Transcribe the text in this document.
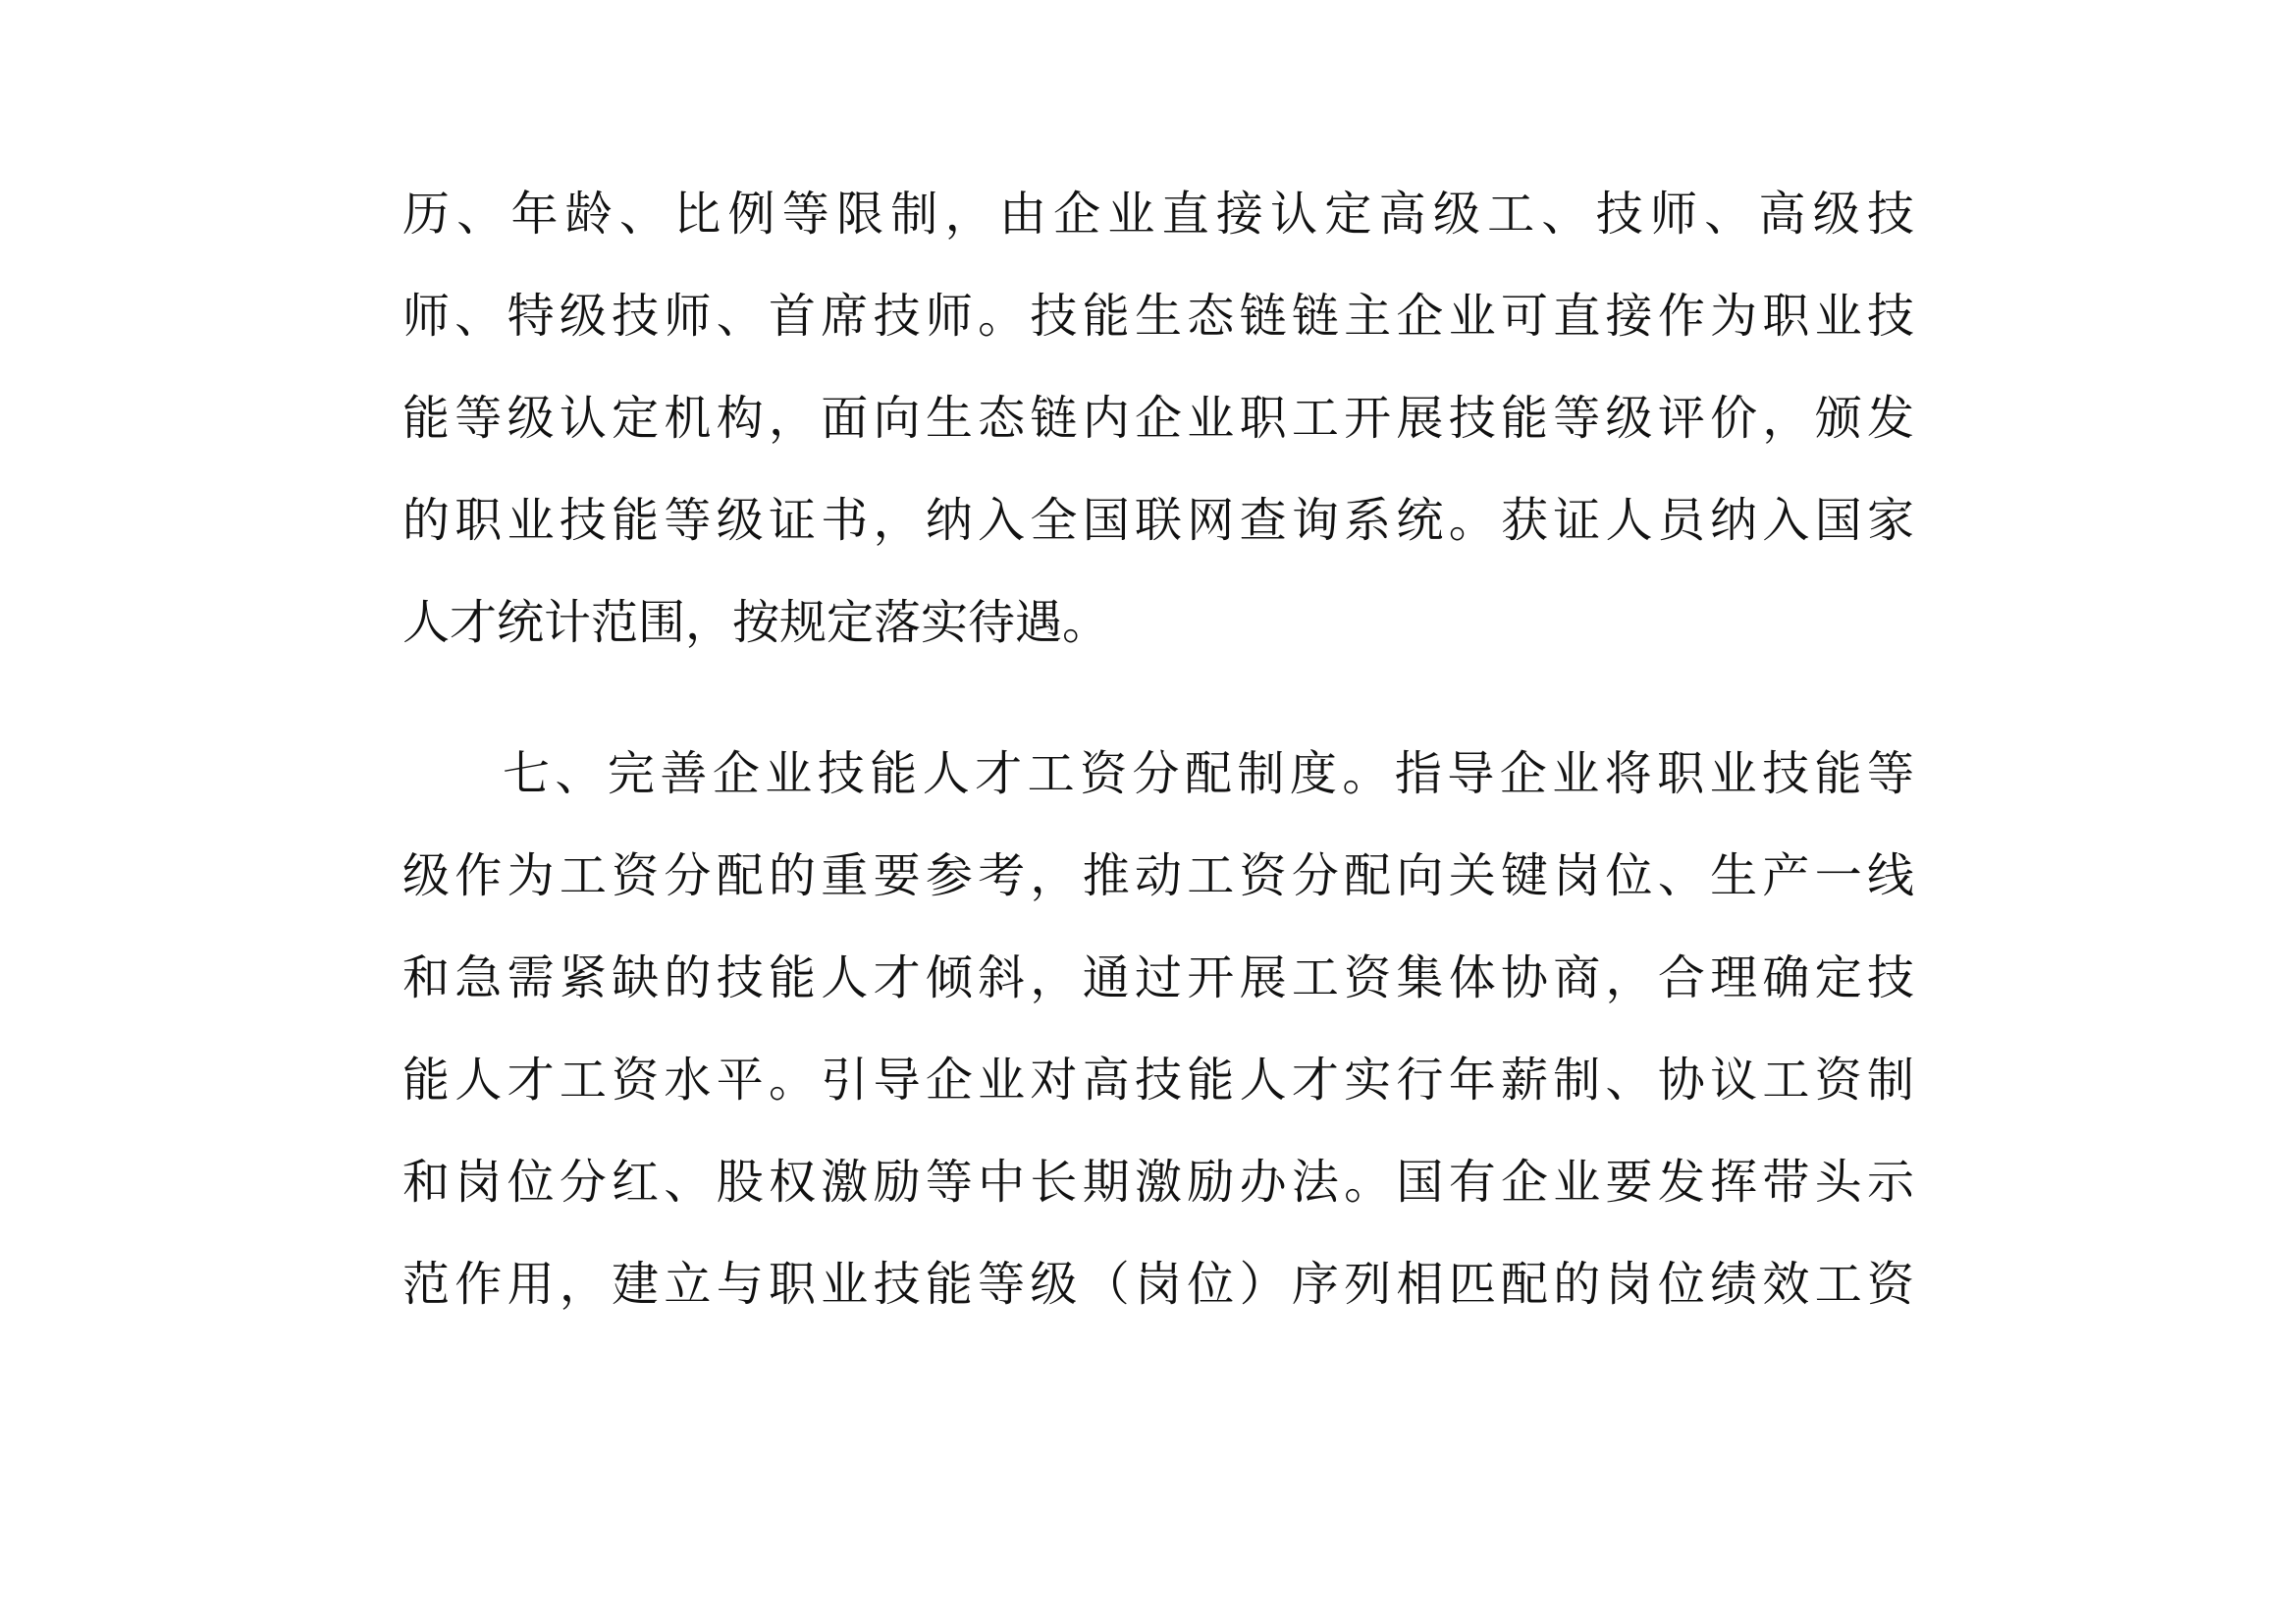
历、年龄、比例等限制，由企业直接认定高级工、技师、高级技
师、特级技师、首席技师。技能生态链链主企业可直接作为职业技
能等级认定机构，面向生态链内企业职工开展技能等级评价，颁发
的职业技能等级证书，纳入全国联网查询系统。获证人员纳入国家
人才统计范围，按规定落实待遇。
七、完善企业技能人才工资分配制度。指导企业将职业技能等
级作为工资分配的重要参考，推动工资分配向关键岗位、生产一线
和急需紧缺的技能人才倾斜，通过开展工资集体协商，合理确定技
能人才工资水平。引导企业对高技能人才实行年薪制、协议工资制
和岗位分红、股权激励等中长期激励办法。国有企业要发挥带头示
范作用，建立与职业技能等级（岗位）序列相匹配的岗位绩效工资
